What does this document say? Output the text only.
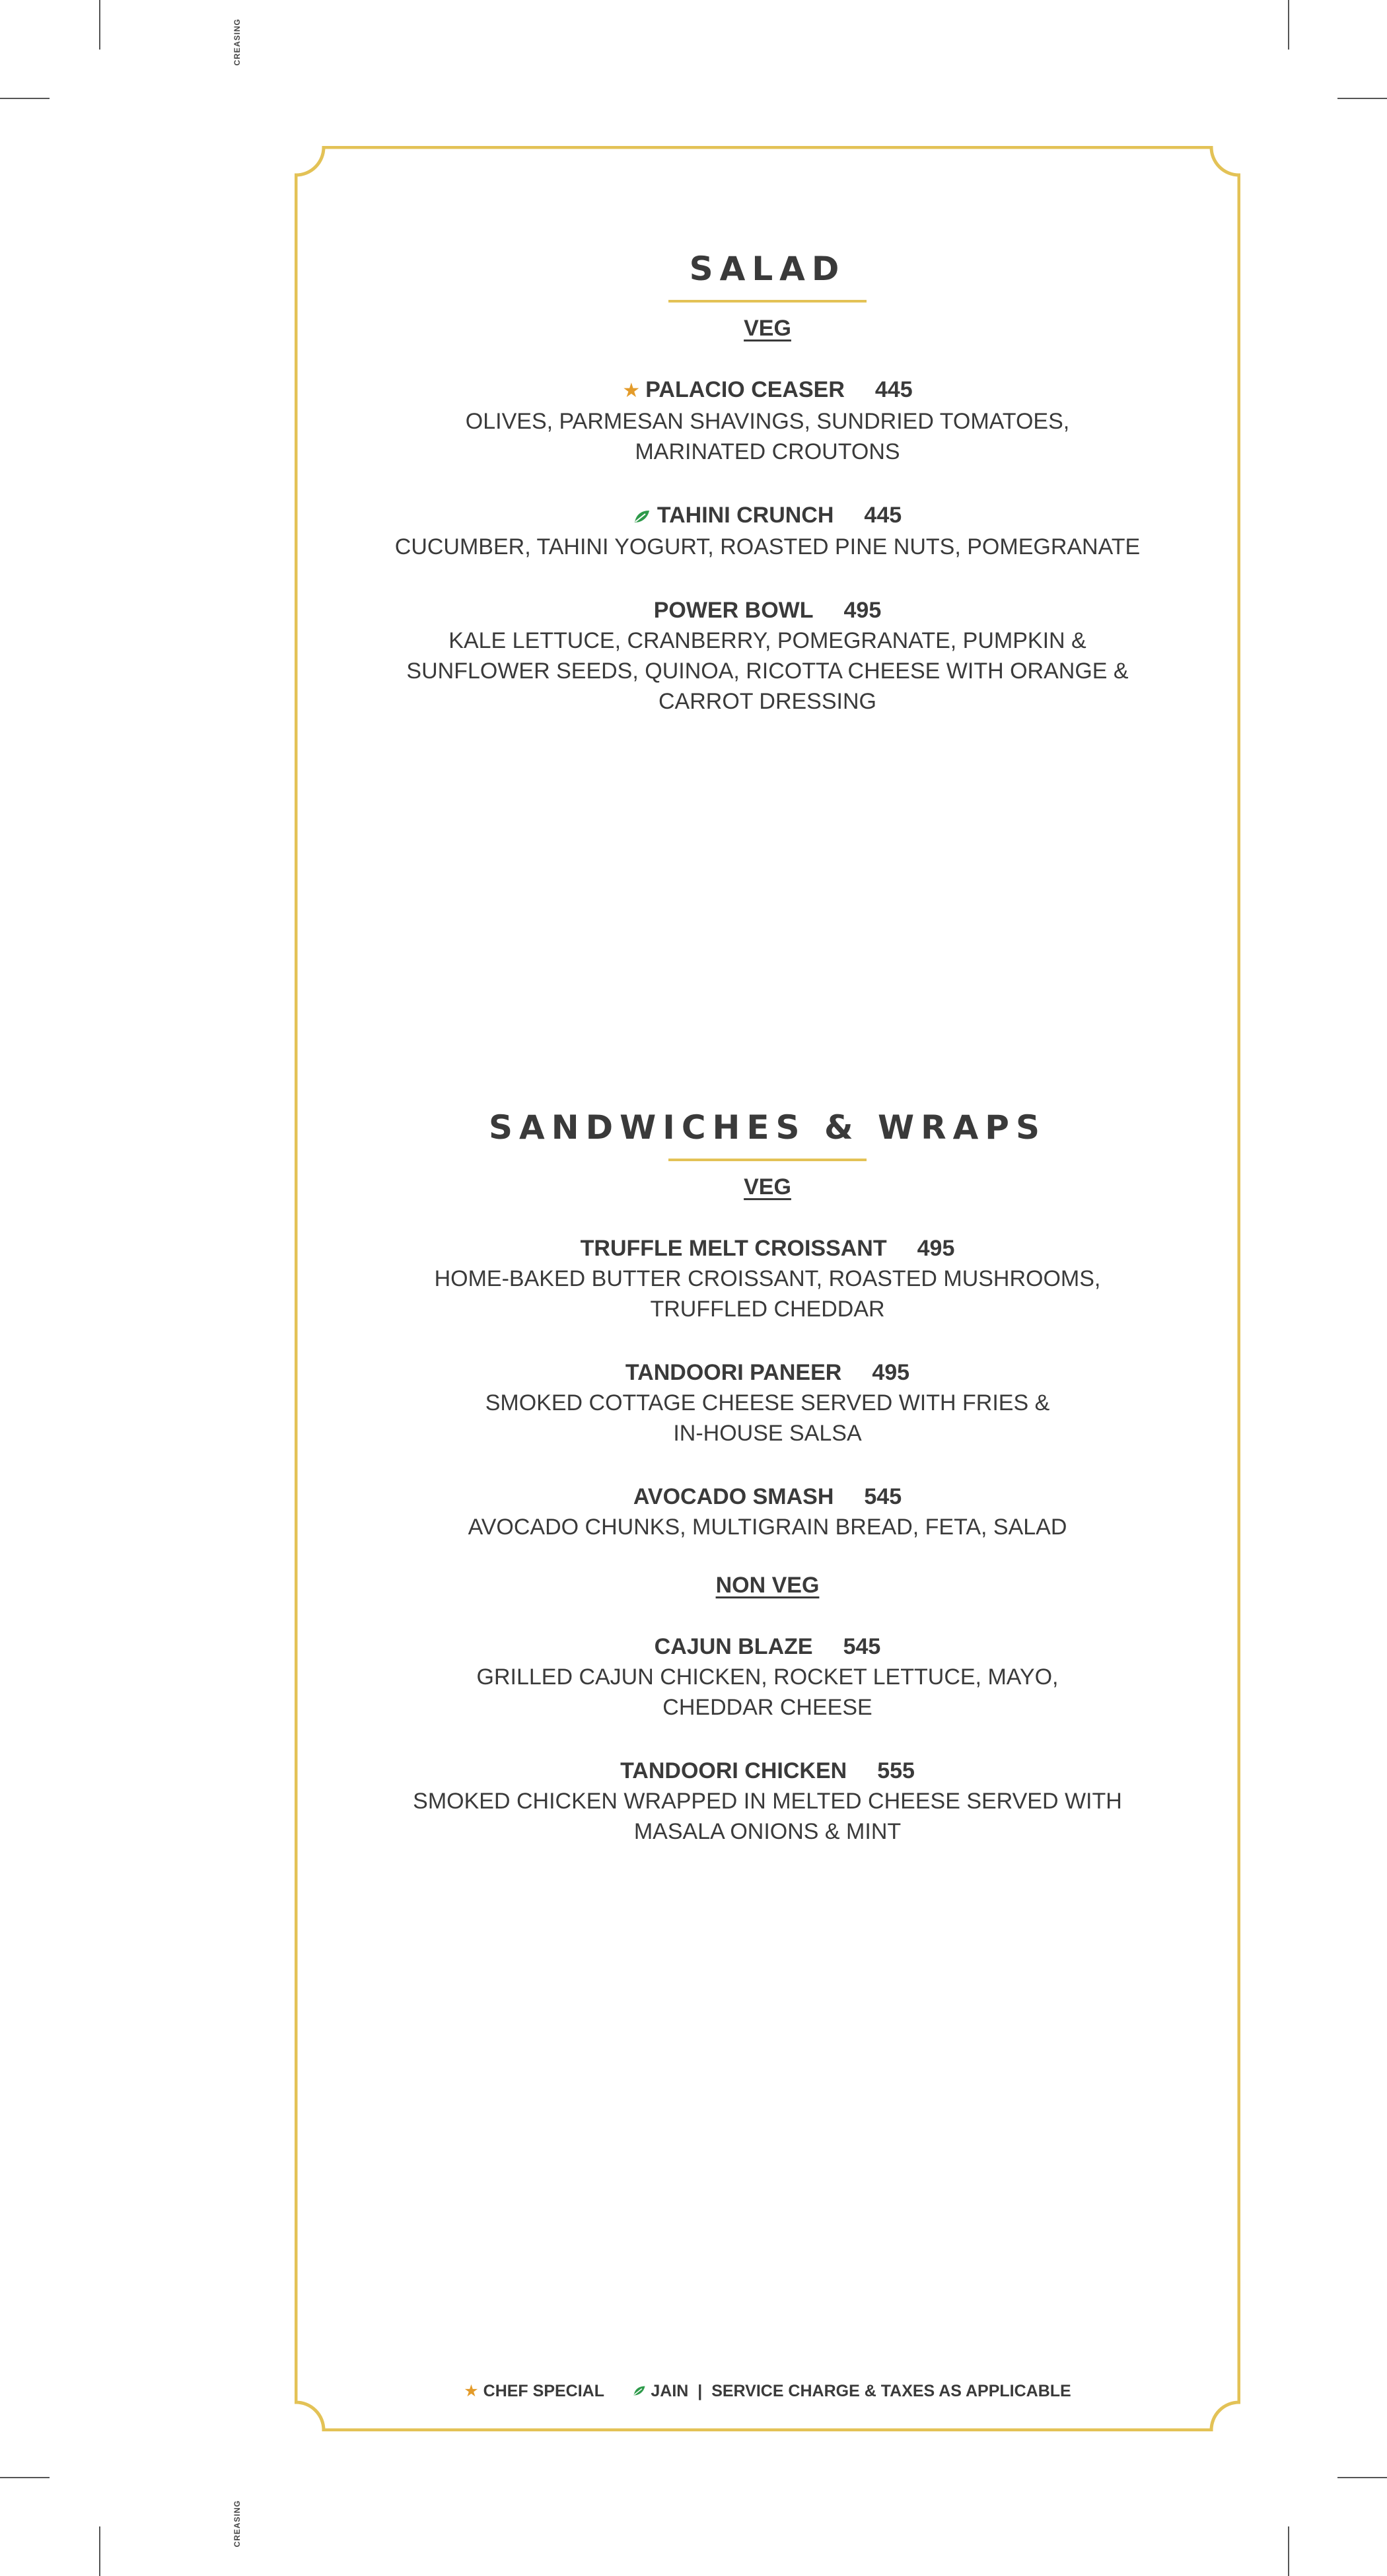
CREASING
CREASING
SALAD
VEG
★ PALACIO CEASER 445
OLIVES, PARMESAN SHAVINGS, SUNDRIED TOMATOES,
MARINATED CROUTONS
TAHINI CRUNCH 445
CUCUMBER, TAHINI YOGURT, ROASTED PINE NUTS, POMEGRANATE
POWER BOWL 495
KALE LETTUCE, CRANBERRY, POMEGRANATE, PUMPKIN &
SUNFLOWER SEEDS, QUINOA, RICOTTA CHEESE WITH ORANGE &
CARROT DRESSING
SANDWICHES & WRAPS
VEG
TRUFFLE MELT CROISSANT 495
HOME-BAKED BUTTER CROISSANT, ROASTED MUSHROOMS,
TRUFFLED CHEDDAR
TANDOORI PANEER 495
SMOKED COTTAGE CHEESE SERVED WITH FRIES &
IN-HOUSE SALSA
AVOCADO SMASH 545
AVOCADO CHUNKS, MULTIGRAIN BREAD, FETA, SALAD
NON VEG
CAJUN BLAZE 545
GRILLED CAJUN CHICKEN, ROCKET LETTUCE, MAYO,
CHEDDAR CHEESE
TANDOORI CHICKEN 555
SMOKED CHICKEN WRAPPED IN MELTED CHEESE SERVED WITH
MASALA ONIONS & MINT
★ CHEF SPECIAL	JAIN | SERVICE CHARGE & TAXES AS APPLICABLE
